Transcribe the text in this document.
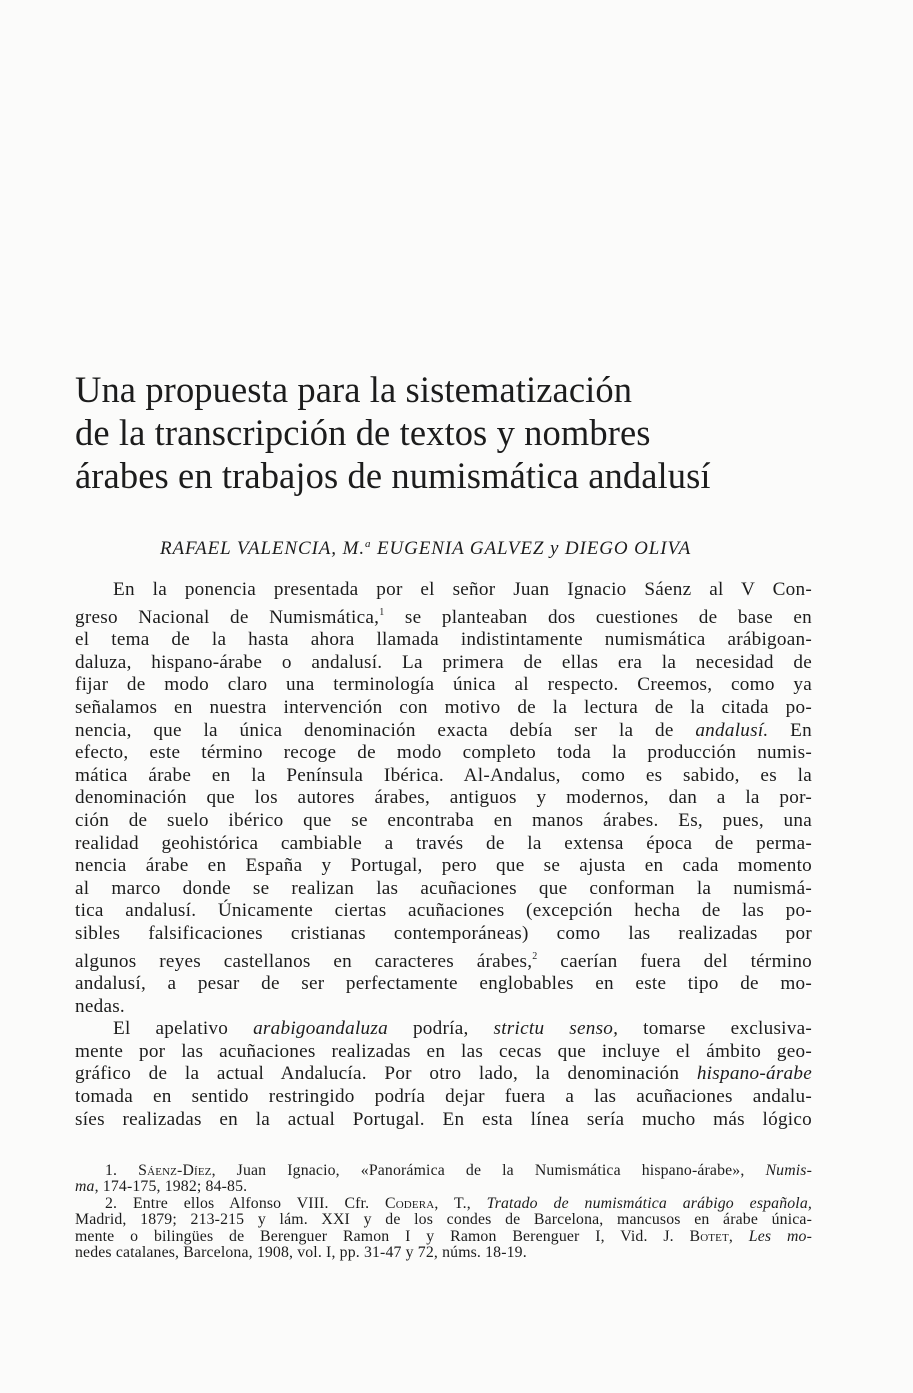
Una propuesta para la sistematización
de la transcripción de textos y nombres
árabes en trabajos de numismática andalusí
RAFAEL VALENCIA, M.$^a$ EUGENIA GALVEZ y DIEGO OLIVA
En la ponencia presentada por el señor Juan Ignacio Sáenz al V Con-
greso Nacional de Numismática,$^1$ se planteaban dos cuestiones de base en
el tema de la hasta ahora llamada indistintamente numismática arábigoan-
daluza, hispano-árabe o andalusí. La primera de ellas era la necesidad de
fijar de modo claro una terminología única al respecto. Creemos, como ya
señalamos en nuestra intervención con motivo de la lectura de la citada po-
nencia, que la única denominación exacta debía ser la de andalusí. En
efecto, este término recoge de modo completo toda la producción numis-
mática árabe en la Península Ibérica. Al-Andalus, como es sabido, es la
denominación que los autores árabes, antiguos y modernos, dan a la por-
ción de suelo ibérico que se encontraba en manos árabes. Es, pues, una
realidad geohistórica cambiable a través de la extensa época de perma-
nencia árabe en España y Portugal, pero que se ajusta en cada momento
al marco donde se realizan las acuñaciones que conforman la numismá-
tica andalusí. Únicamente ciertas acuñaciones (excepción hecha de las po-
sibles falsificaciones cristianas contemporáneas) como las realizadas por
algunos reyes castellanos en caracteres árabes,$^2$ caerían fuera del término
andalusí, a pesar de ser perfectamente englobables en este tipo de mo-
nedas.
El apelativo arabigoandaluza podría, strictu senso, tomarse exclusiva-
mente por las acuñaciones realizadas en las cecas que incluye el ámbito geo-
gráfico de la actual Andalucía. Por otro lado, la denominación hispano-árabe
tomada en sentido restringido podría dejar fuera a las acuñaciones andalu-
síes realizadas en la actual Portugal. En esta línea sería mucho más lógico
1. Sáenz-Díez, Juan Ignacio, «Panorámica de la Numismática hispano-árabe», Numis-
ma, 174-175, 1982; 84-85.
2. Entre ellos Alfonso VIII. Cfr. Codera, T., Tratado de numismática arábigo española,
Madrid, 1879; 213-215 y lám. XXI y de los condes de Barcelona, mancusos en árabe única-
mente o bilingües de Berenguer Ramon I y Ramon Berenguer I, Vid. J. Botet, Les mo-
nedes catalanes, Barcelona, 1908, vol. I, pp. 31-47 y 72, núms. 18-19.
